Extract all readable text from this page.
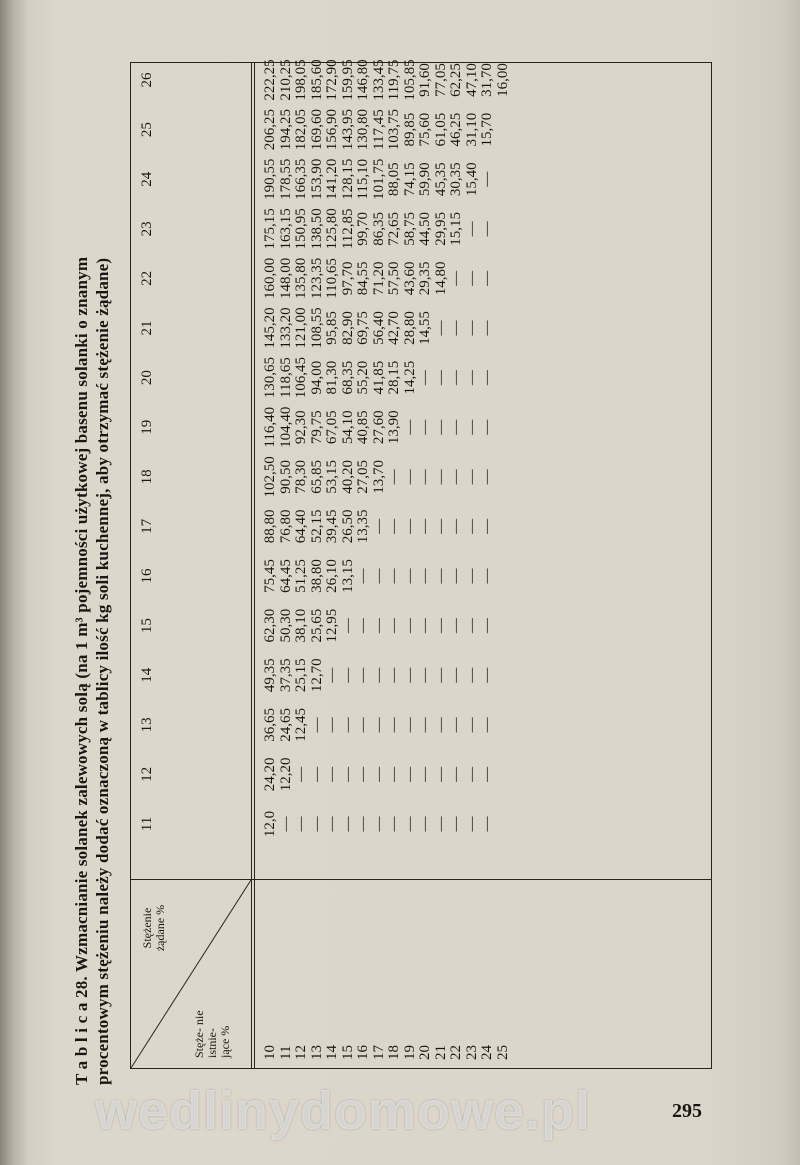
T a b l i c a 28. Wzmacnianie solanek zalewowych solą (na 1 m³ pojemności użytkowej basenu solanki o znanym procentowym stężeniu należy dodać oznaczoną w tablicy ilość kg soli kuchennej, aby otrzymać stężenie żądane) Stężenie żądane %
Stęże- nie istnie- jące %
11
12
13
14
15
16
17
18
19
20
21
22
23
24
25
26
10 11 12 13 14 15 16 17 18 19 20 21 22 23 24 25
12,0
24,20
36,65
49,35
62,30
75,45
88,80
102,50
116,40
130,65
145,20
160,00
175,15
190,55
206,25
222,25
—
12,20
24,65
37,35
50,30
64,45
76,80
90,50
104,40
118,65
133,20
148,00
163,15
178,55
194,25
210,25
—
—
12,45
25,15
38,10
51,25
64,40
78,30
92,30
106,45
121,00
135,80
150,95
166,35
182,05
198,05
—
—
—
12,70
25,65
38,80
52,15
65,85
79,75
94,00
108,55
123,35
138,50
153,90
169,60
185,60
—
—
—
—
12,95
26,10
39,45
53,15
67,05
81,30
95,85
110,65
125,80
141,20
156,90
172,90
—
—
—
—
—
13,15
26,50
40,20
54,10
68,35
82,90
97,70
112,85
128,15
143,95
159,95
—
—
—
—
—
—
13,35
27,05
40,85
55,20
69,75
84,55
99,70
115,10
130,80
146,80
—
—
—
—
—
—
—
13,70
27,60
41,85
56,40
71,20
86,35
101,75
117,45
133,45
—
—
—
—
—
—
—
—
13,90
28,15
42,70
57,50
72,65
88,05
103,75
119,75
—
—
—
—
—
—
—
—
—
14,25
28,80
43,60
58,75
74,15
89,85
105,85
—
—
—
—
—
—
—
—
—
—
14,55
29,35
44,50
59,90
75,60
91,60
—
—
—
—
—
—
—
—
—
—
—
14,80
29,95
45,35
61,05
77,05
—
—
—
—
—
—
—
—
—
—
—
—
15,15
30,35
46,25
62,25
—
—
—
—
—
—
—
—
—
—
—
—
—
15,40
31,10
47,10
—
—
—
—
—
—
—
—
—
—
—
—
—
—
15,70
31,70 16,00
wedlinydomowe.pl	295
